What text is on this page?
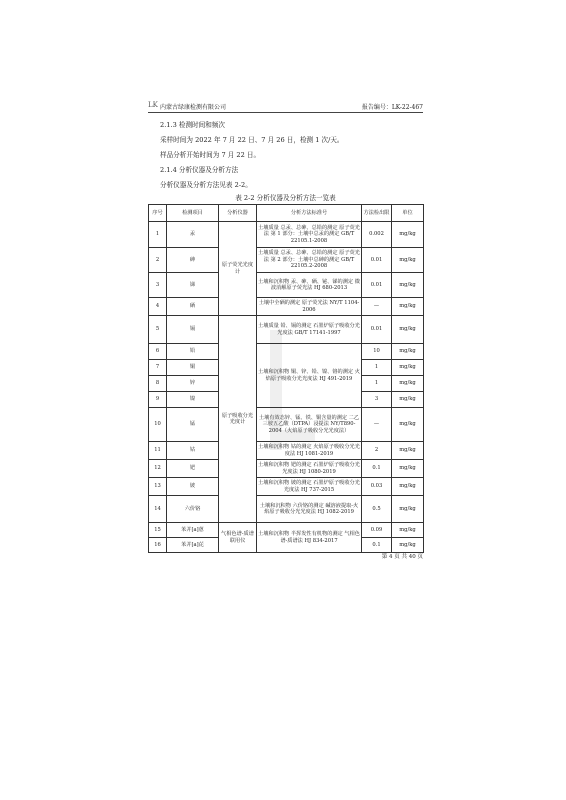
LK 内蒙古绿康检测有限公司	报告编号：LK-22-467
2.1.3 检测时间和频次
采样时间为 2022 年 7 月 22 日、7 月 26 日，检测 1 次/天。
样品分析开始时间为 7 月 22 日。
2.1.4 分析仪器及分析方法
分析仪器及分析方法见表 2-2。
表 2-2 分析仪器及分析方法一览表
序号	检测项目	分析仪器	分析方法标准号	方法检出限	单位
1	汞	原子荧光光度计	土壤质量 总汞、总砷、总铅的测定 原子荧光法 第 1 部分：土壤中总汞的测定 GB/T 22105.1-2008	0.002	mg/kg
2	砷		土壤质量 总汞、总砷、总铅的测定 原子荧光法 第 2 部分：土壤中总砷的测定 GB/T 22105.2-2008	0.01	mg/kg
3	锑		土壤和沉积物 汞、砷、硒、铋、锑的测定 微波消解原子荧光法 HJ 680-2013	0.01	mg/kg
4	硒		土壤中全硒的测定 原子荧光法 NY/T 1104-2006	—	mg/kg
5	镉	原子吸收分光光度计	土壤质量 铅、镉的测定 石墨炉原子吸收分光光度法 GB/T 17141-1997	0.01	mg/kg
6	铅		土壤和沉积物 铜、锌、铅、镍、铬的测定 火焰原子吸收分光光度法 HJ 491-2019	10	mg/kg
7	铜			1	mg/kg
8	锌			1	mg/kg
9	镍			3	mg/kg
10	锰		土壤有效态锌、锰、铁、铜含量的测定 二乙三胺五乙酸（DTPA）浸提法 NY/T890-2004（火焰原子吸收分光光度法）	—	mg/kg
11	钴		土壤和沉积物 钴的测定 火焰原子吸收分光光度法 HJ 1081-2019	2	mg/kg
12	钯		土壤和沉积物 钯的测定 石墨炉原子吸收分光光度法 HJ 1080-2019	0.1	mg/kg
13	铍		土壤和沉积物 铍的测定 石墨炉原子吸收分光光度法 HJ 737-2015	0.03	mg/kg
14	六价铬		土壤和沉积物 六价铬的测定 碱溶液提取-火焰原子吸收分光光度法 HJ 1082-2019	0.5	mg/kg
15	苯并[a]蒽	气相色谱-质谱联用仪	土壤和沉积物 半挥发性有机物的测定 气相色谱-质谱法 HJ 834-2017	0.09	mg/kg
16	苯并[a]芘			0.1	mg/kg
第 4 页 共 40 页
